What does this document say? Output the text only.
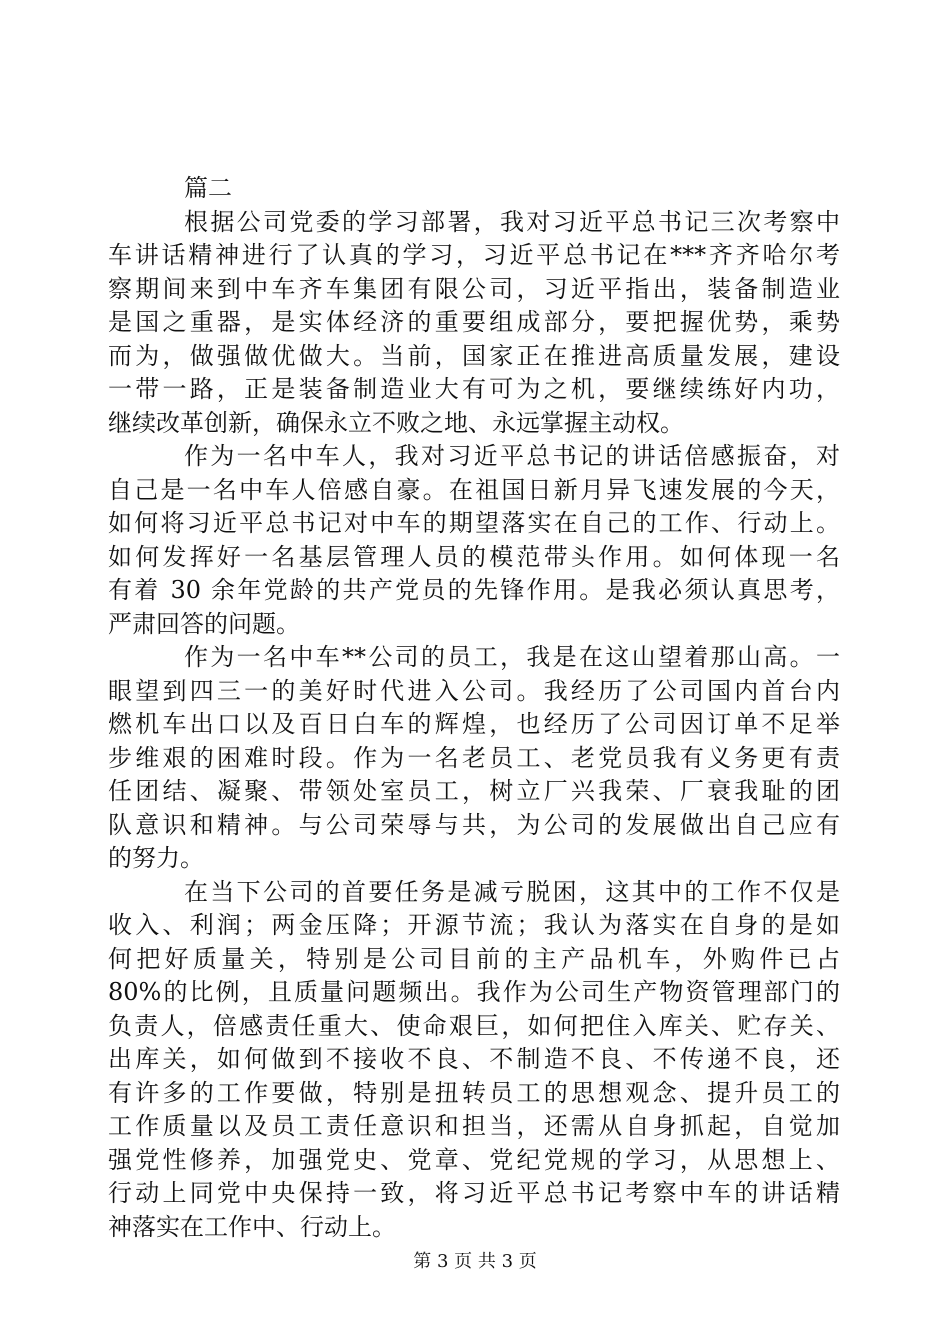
篇二
根据公司党委的学习部署，我对习近平总书记三次考察中
车讲话精神进行了认真的学习，习近平总书记在***齐齐哈尔考
察期间来到中车齐车集团有限公司，习近平指出，装备制造业
是国之重器，是实体经济的重要组成部分，要把握优势，乘势
而为，做强做优做大。当前，国家正在推进高质量发展，建设
一带一路，正是装备制造业大有可为之机，要继续练好内功，
继续改革创新，确保永立不败之地、永远掌握主动权。
作为一名中车人，我对习近平总书记的讲话倍感振奋，对
自己是一名中车人倍感自豪。在祖国日新月异飞速发展的今天，
如何将习近平总书记对中车的期望落实在自己的工作、行动上。
如何发挥好一名基层管理人员的模范带头作用。如何体现一名
有着 30 余年党龄的共产党员的先锋作用。是我必须认真思考，
严肃回答的问题。
作为一名中车**公司的员工，我是在这山望着那山高。一
眼望到四三一的美好时代进入公司。我经历了公司国内首台内
燃机车出口以及百日白车的辉煌，也经历了公司因订单不足举
步维艰的困难时段。作为一名老员工、老党员我有义务更有责
任团结、凝聚、带领处室员工，树立厂兴我荣、厂衰我耻的团
队意识和精神。与公司荣辱与共，为公司的发展做出自己应有
的努力。
在当下公司的首要任务是减亏脱困，这其中的工作不仅是
收入、利润；两金压降；开源节流；我认为落实在自身的是如
何把好质量关，特别是公司目前的主产品机车，外购件已占
80%的比例，且质量问题频出。我作为公司生产物资管理部门的
负责人，倍感责任重大、使命艰巨，如何把住入库关、贮存关、
出库关，如何做到不接收不良、不制造不良、不传递不良，还
有许多的工作要做，特别是扭转员工的思想观念、提升员工的
工作质量以及员工责任意识和担当，还需从自身抓起，自觉加
强党性修养，加强党史、党章、党纪党规的学习，从思想上、
行动上同党中央保持一致，将习近平总书记考察中车的讲话精
神落实在工作中、行动上。
第 3 页 共 3 页
